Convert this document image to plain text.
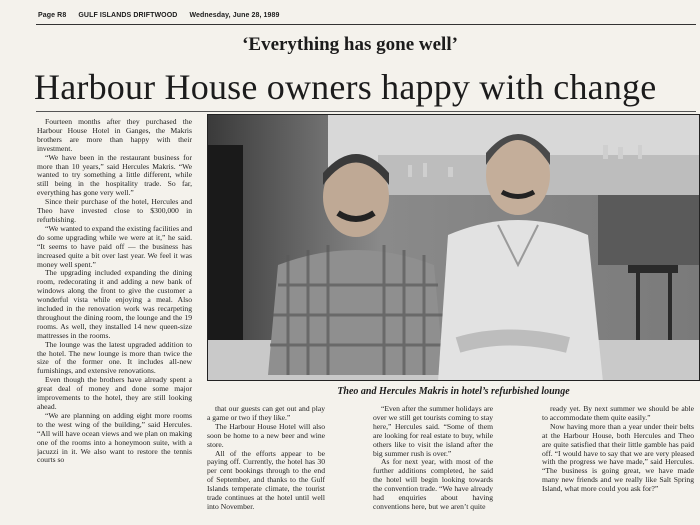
Page R8 GULF ISLANDS DRIFTWOOD Wednesday, June 28, 1989
‘Everything has gone well’
Harbour House owners happy with change

Fourteen months after they purchased the Harbour House Hotel in Ganges, the Makris brothers are more than happy with their investment.

“We have been in the restaurant business for more than 10 years,” said Hercules Makris. “We wanted to try something a little different, while still being in the hospitality trade. So far, everything has gone very well.”

Since their purchase of the hotel, Hercules and Theo have invested close to $300,000 in refurbishing.

“We wanted to expand the existing facilities and do some upgrading while we were at it,” he said. “It seems to have paid off — the business has increased quite a bit over last year. We feel it was money well spent.”

The upgrading included expanding the dining room, redecorating it and adding a new bank of windows along the front to give the customer a wonderful vista while enjoying a meal. Also included in the renovation work was recarpeting throughout the dining room, the lounge and the 19 rooms. As well, they installed 14 new queen-size mattresses in the rooms.

The lounge was the latest upgraded addition to the hotel. The new lounge is more than twice the size of the former one. It includes all-new furnishings, and extensive renovations.

Even though the brothers have already spent a great deal of money and done some major improvements to the hotel, they are still looking ahead.

“We are planning on adding eight more rooms to the west wing of the building,” said Hercules. “All will have ocean views and we plan on making one of the rooms into a honeymoon suite, with a jacuzzi in it. We also want to restore the tennis courts so

Theo and Hercules Makris in hotel’s refurbished lounge

that our guests can get out and play a game or two if they like.”

The Harbour House Hotel will also soon be home to a new beer and wine store.

All of the efforts appear to be paying off. Currently, the hotel has 30 per cent bookings through to the end of September, and thanks to the Gulf Islands temperate climate, the tourist trade continues at the hotel until well into November.

“Even after the summer holidays are over we still get tourists coming to stay here,” Hercules said. “Some of them are looking for real estate to buy, while others like to visit the island after the big summer rush is over.”

As for next year, with most of the further additions completed, he said the hotel will begin looking towards the convention trade. “We have already had enquiries about having conventions here, but we aren’t quite

ready yet. By next summer we should be able to accommodate them quite easily.”

Now having more than a year under their belts at the Harbour House, both Hercules and Theo are quite satisfied that their little gamble has paid off. “I would have to say that we are very pleased with the progress we have made,” said Hercules. “The business is going great, we have made many new friends and we really like Salt Spring Island, what more could you ask for?”
